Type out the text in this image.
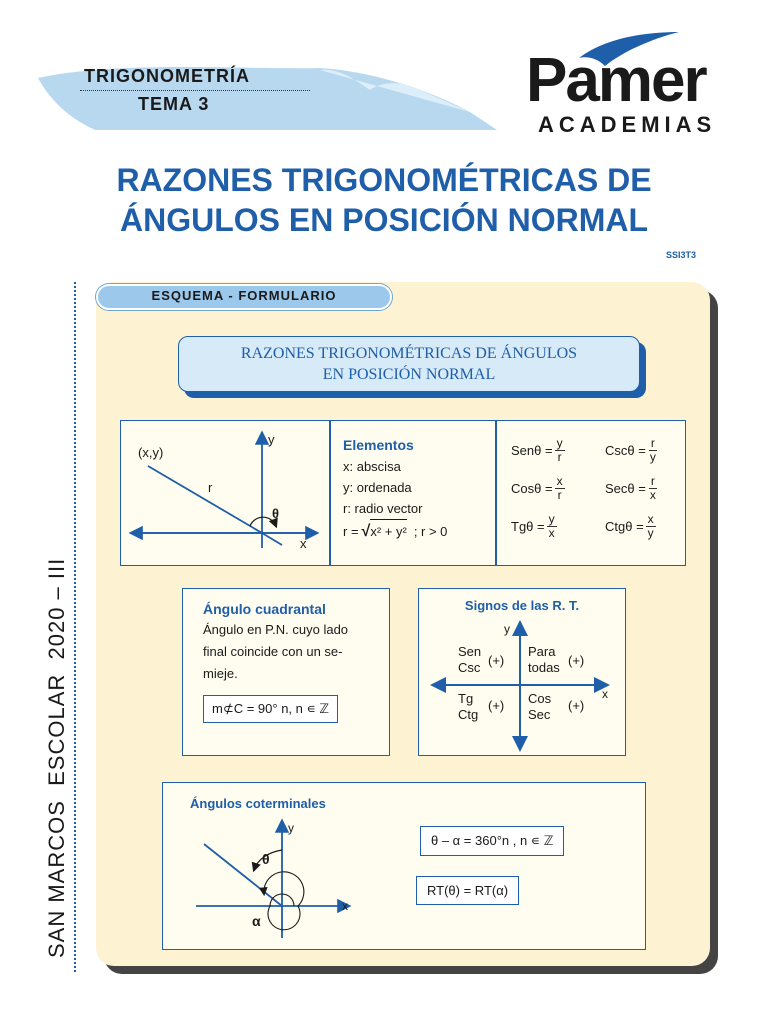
TRIGONOMETRÍA
TEMA 3	Pamer
ACADEMIAS
RAZONES TRIGONOMÉTRICAS DE
ÁNGULOS EN POSICIÓN NORMAL
SSI3T3
SAN MARCOS  ESCOLAR  2020 – III
ESQUEMA - FORMULARIO
RAZONES TRIGONOMÉTRICAS DE ÁNGULOS
EN POSICIÓN NORMAL
(x,y)
r
θ
x
y	Elementos
x: abscisa
y: ordenada
r: radio vector
r = √ x² + y² ; r > 0
$Sen\theta = \frac{y}{r}$	$Csc\theta = \frac{r}{y}$
$Cos\theta = \frac{x}{r}$	$Sec\theta = \frac{r}{x}$
$Tg\theta = \frac{y}{x}$	$Ctg\theta = \frac{x}{y}$
Ángulo cuadrantal
Ángulo en P.N. cuyo lado
final coincide con un se-
mieje.
m⊄C = 90° n, n ∊ ℤ
Signos de las R. T.
y
x
Sen
Csc (+)
Para
todas (+)
Tg
Ctg
(+) Cos
Sec
(+)
Ángulos coterminales
θ
α
x
y
θ – α = 360°n , n ∊ ℤ
RT(θ) = RT(α)
